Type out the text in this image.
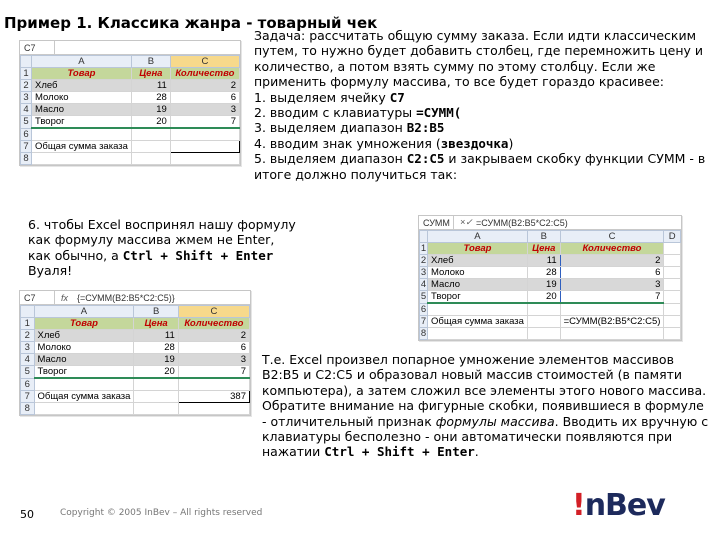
Пример 1. Классика жанра - товарный чек

Задача: рассчитать общую сумму заказа. Если идти классическим путем, то нужно будет добавить столбец, где перемножить цену и количество, а потом взять сумму по этому столбцу. Если же применить формулу массива, то все будет гораздо красивее:

1. выделяем ячейку C7

2. вводим с клавиатуры =СУММ(

3. выделяем диапазон B2:B5

4. вводим знак умножения (звездочка)

5. выделяем диапазон C2:C5 и закрываем скобку функции СУММ - в итоге должно получиться так:

C7
	A	B	C
1	Товар	Цена	Количество
2	Хлеб	11	2
3	Молоко	28	6
4	Масло	19	3
5	Творог	20	7
6			
7	Общая сумма заказа		
8			
6. чтобы Excel воспринял нашу формулу как формулу массива жмем не Enter, как обычно, а Ctrl + Shift + Enter
Вуаля!
СУММ	×✓ =СУММ(B2:B5*C2:C5)
	A	B	C	D
1	Товар	Цена	Количество	
2	Хлеб	11	2	
3	Молоко	28	6	
4	Масло	19	3	
5	Творог	20	7	
6				
7	Общая сумма заказа		=СУММ(B2:B5*C2:C5)	
8				
C7	fx {=СУММ(B2:B5*C2:C5)}
	A	B	C
1	Товар	Цена	Количество
2	Хлеб	11	2
3	Молоко	28	6
4	Масло	19	3
5	Творог	20	7
6			
7	Общая сумма заказа		387
8			

Т.е. Excel произвел попарное умножение элементов массивов B2:B5 и C2:C5 и образовал новый массив стоимостей (в памяти компьютера), а затем сложил все элементы этого нового массива.

Обратите внимание на фигурные скобки, появившиеся в формуле - отличительный признак формулы массива. Вводить их вручную с клавиатуры бесполезно - они автоматически появляются при нажатии Ctrl + Shift + Enter.

50	Copyright © 2005 InBev – All rights reserved	!nBev
